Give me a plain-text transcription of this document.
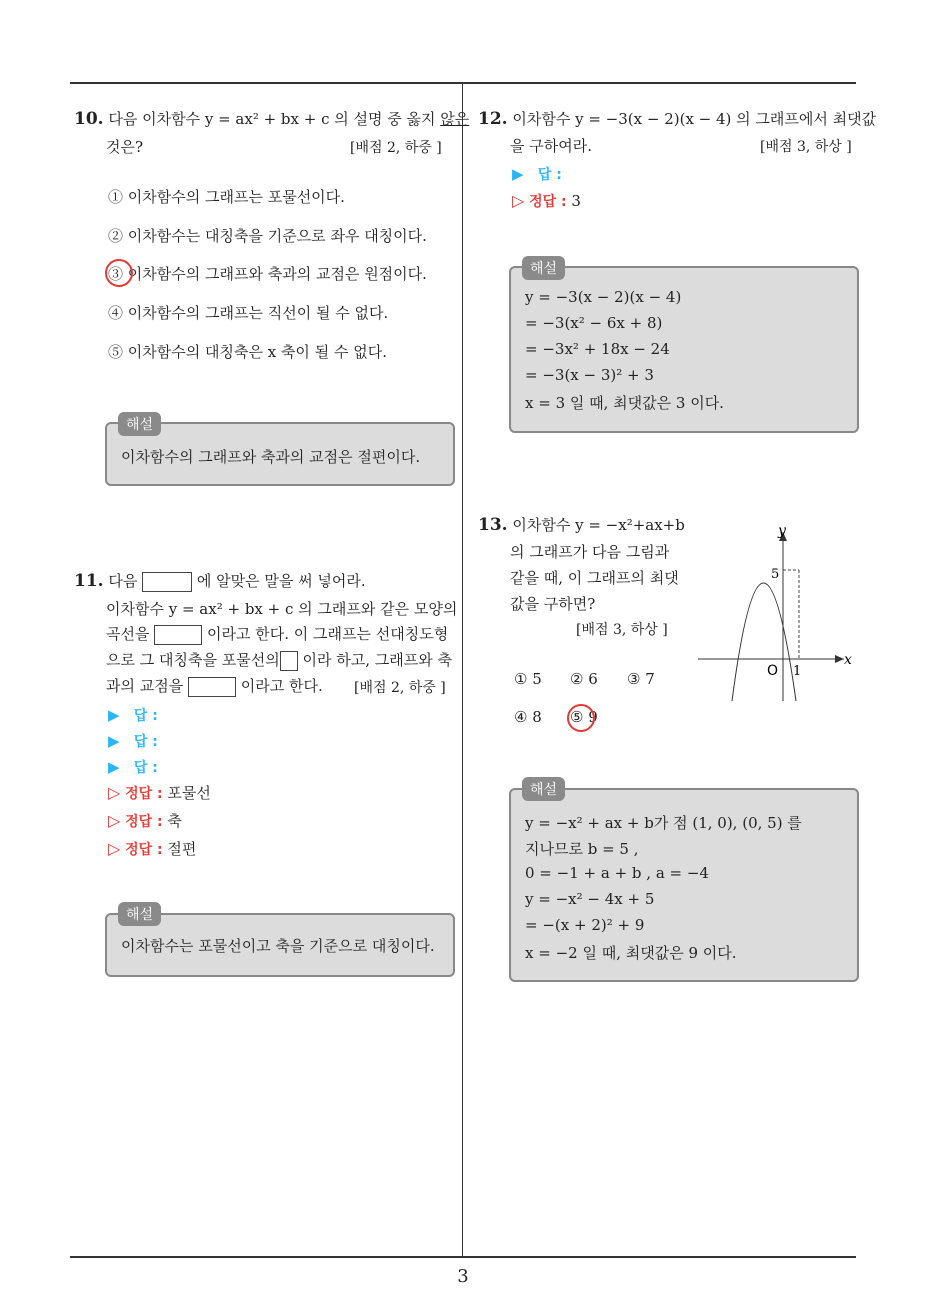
10. 다음 이차함수 y = ax² + bx + c 의 설명 중 옳지 않은
것은?	[배점 2, 하중 ]
① 이차함수의 그래프는 포물선이다.
② 이차함수는 대칭축을 기준으로 좌우 대칭이다.
③ 이차함수의 그래프와 축과의 교점은 원점이다.
④ 이차함수의 그래프는 직선이 될 수 없다.
⑤ 이차함수의 대칭축은 x 축이 될 수 없다.
이차함수의 그래프와 축과의 교점은 절편이다.
해설
11. 다음	에 알맞은 말을 써 넣어라.
이차함수 y = ax² + bx + c 의 그래프와 같은 모양의
곡선을	이라고 한다. 이 그래프는 선대칭도형
으로 그 대칭축을 포물선의 이라 하고, 그래프와 축
과의 교점을	이라고 한다. [배점 2, 하중 ]
▶ 답 :
▶ 답 :
▶ 답 :
▷ 정답 : 포물선
▷ 정답 : 축
▷ 정답 : 절편
이차함수는 포물선이고 축을 기준으로 대칭이다.
해설
12. 이차함수 y = −3(x − 2)(x − 4) 의 그래프에서 최댓값
을 구하여라.	[배점 3, 하상 ]
▶ 답 :
▷ 정답 : 3
y = −3(x − 2)(x − 4)
= −3(x² − 6x + 8)
= −3x² + 18x − 24
= −3(x − 3)² + 3
x = 3 일 때, 최댓값은 3 이다.
해설
13. 이차함수 y = −x²+ax+b
의 그래프가 다음 그림과
같을 때, 이 그래프의 최댓
값을 구하면?
[배점 3, 하상 ]
① 5 ② 6 ③ 7
④ 8 ⑤ 9
y
x
O 1
5
y = −x² + ax + b가 점 (1, 0), (0, 5) 를
지나므로 b = 5 ,
0 = −1 + a + b , a = −4
y = −x² − 4x + 5
= −(x + 2)² + 9
x = −2 일 때, 최댓값은 9 이다.
해설
3
